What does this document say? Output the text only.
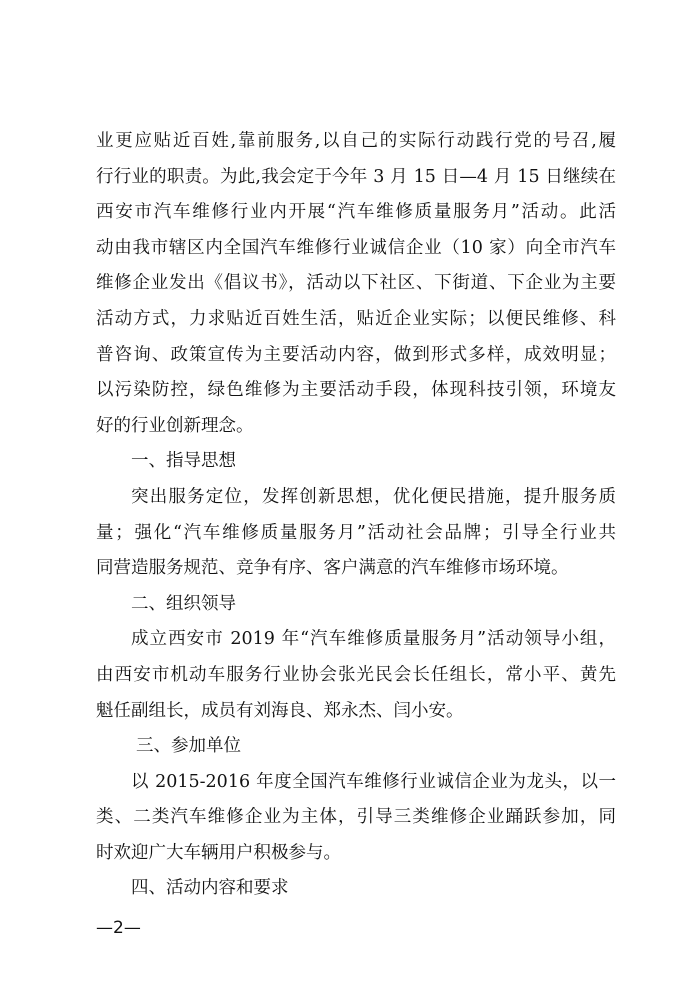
业更应贴近百姓,靠前服务,以自己的实际行动践行党的号召,履
行行业的职责。为此,我会定于今年 3 月 15 日—4 月 15 日继续在
西安市汽车维修行业内开展“汽车维修质量服务月”活动。此活
动由我市辖区内全国汽车维修行业诚信企业（10 家）向全市汽车
维修企业发出《倡议书》，活动以下社区、下街道、下企业为主要
活动方式，力求贴近百姓生活，贴近企业实际；以便民维修、科
普咨询、政策宣传为主要活动内容，做到形式多样，成效明显；
以污染防控，绿色维修为主要活动手段，体现科技引领，环境友
好的行业创新理念。
一、指导思想
突出服务定位，发挥创新思想，优化便民措施，提升服务质
量；强化“汽车维修质量服务月”活动社会品牌；引导全行业共
同营造服务规范、竞争有序、客户满意的汽车维修市场环境。
二、组织领导
成立西安市 2019 年“汽车维修质量服务月”活动领导小组，
由西安市机动车服务行业协会张光民会长任组长，常小平、黄先
魁任副组长，成员有刘海良、郑永杰、闫小安。
三、参加单位
以 2015-2016 年度全国汽车维修行业诚信企业为龙头，以一
类、二类汽车维修企业为主体，引导三类维修企业踊跃参加，同
时欢迎广大车辆用户积极参与。
四、活动内容和要求
—2—
